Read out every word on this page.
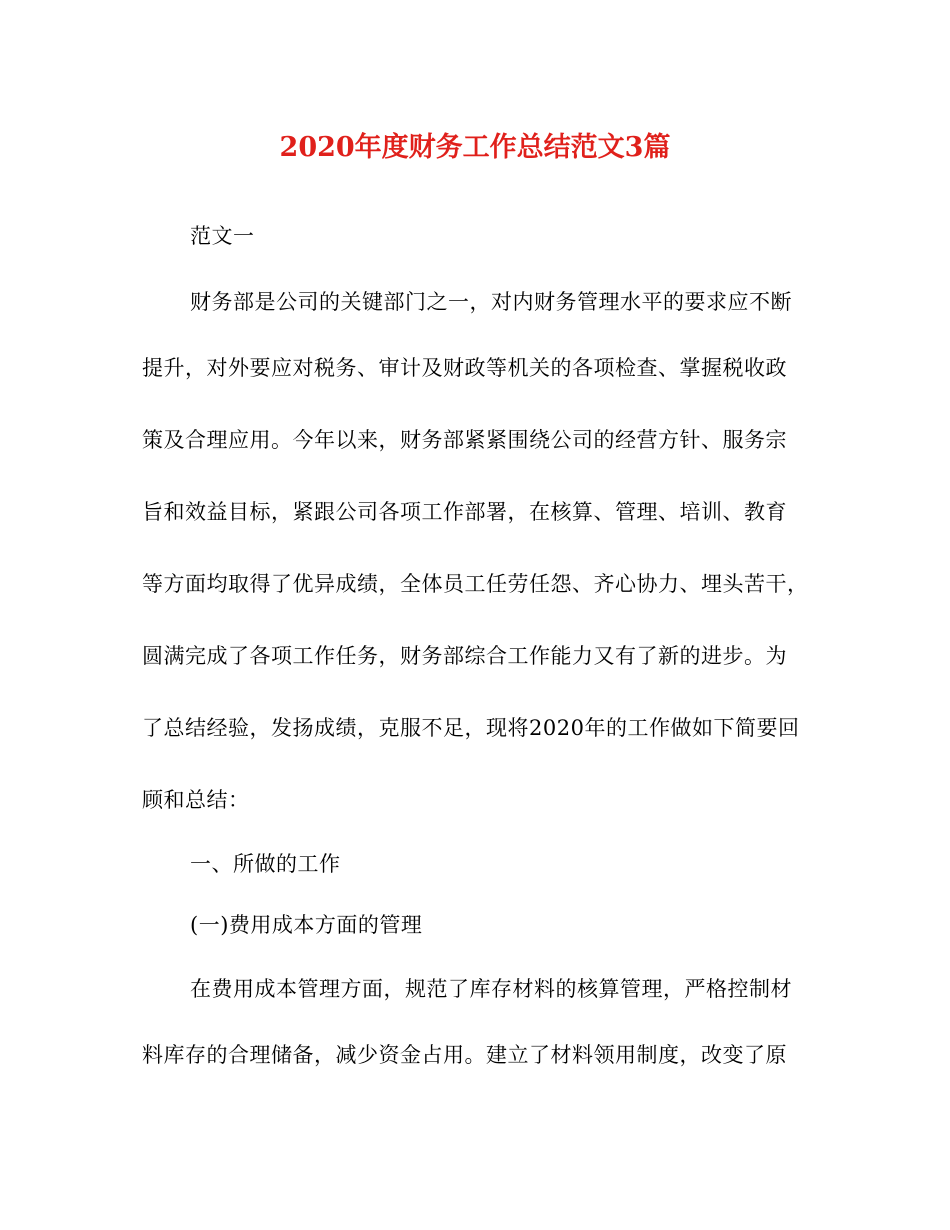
2020年度财务工作总结范文3篇

范文一

财务部是公司的关键部门之一，对内财务管理水平的要求应不断

提升，对外要应对税务、审计及财政等机关的各项检查、掌握税收政

策及合理应用。今年以来，财务部紧紧围绕公司的经营方针、服务宗

旨和效益目标，紧跟公司各项工作部署，在核算、管理、培训、教育

等方面均取得了优异成绩，全体员工任劳任怨、齐心协力、埋头苦干，

圆满完成了各项工作任务，财务部综合工作能力又有了新的进步。为

了总结经验，发扬成绩，克服不足，现将2020年的工作做如下简要回

顾和总结：

一、所做的工作

(一)费用成本方面的管理

在费用成本管理方面，规范了库存材料的核算管理，严格控制材

料库存的合理储备，减少资金占用。建立了材料领用制度，改变了原
